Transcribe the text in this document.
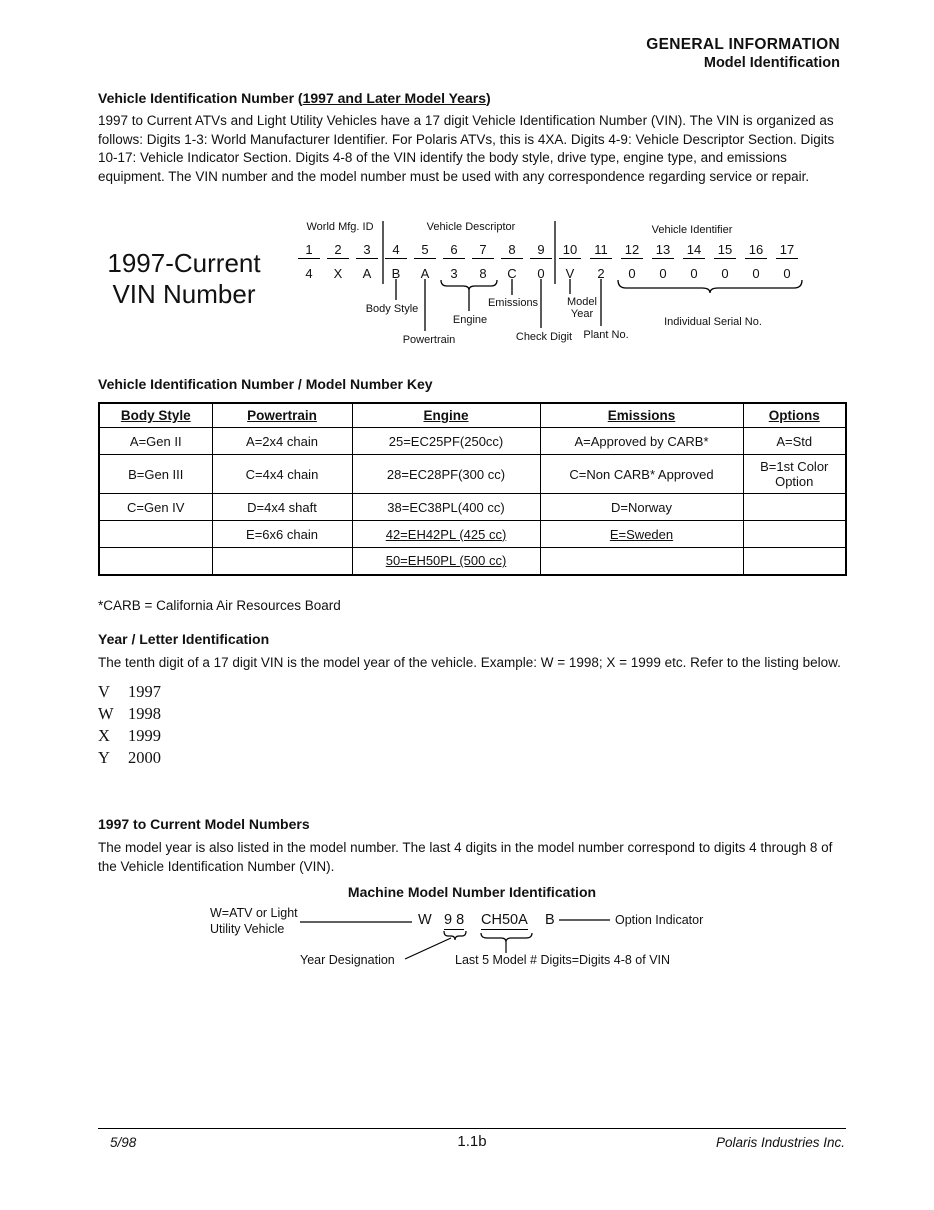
GENERAL INFORMATION
Model Identification
Vehicle Identification Number (1997 and Later Model Years)

1997 to Current ATVs and Light Utility Vehicles have a 17 digit Vehicle Identification Number (VIN). The VIN is organized as follows: Digits 1-3: World Manufacturer Identifier. For Polaris ATVs, this is 4XA. Digits 4-9: Vehicle Descriptor Section. Digits 10-17: Vehicle Indicator Section. Digits 4-8 of the VIN identify the body style, drive type, engine type, and emissions equipment. The VIN number and the model number must be used with any correspondence regarding service or repair.

1997-Current
VIN Number
World Mfg. ID	Vehicle Descriptor	Vehicle Identifier
Body Style
Engine
Emissions	Model Year
Powertrain	Check Digit Plant No.
Individual Serial No.
1	2	3	4	5	6	7	8	9	10	11	12 13 14 15 16 17
4	X	A	B	A	3	8	C	0	V	2	0	0	0	0	0	0
Vehicle Identification Number / Model Number Key
Body Style	Powertrain	Engine	Emissions	Options
A=Gen II	A=2x4 chain	25=EC25PF(250cc)	A=Approved by CARB*	A=Std
B=Gen III	C=4x4 chain	28=EC28PF(300 cc)	C=Non CARB* Approved	B=1st Color Option
C=Gen IV	D=4x4 shaft	38=EC38PL(400 cc)	D=Norway	
	E=6x6 chain	42=EH42PL (425 cc)	E=Sweden	
		50=EH50PL (500 cc)		
*CARB = California Air Resources Board
Year / Letter Identification

The tenth digit of a 17 digit VIN is the model year of the vehicle. Example: W = 1998; X = 1999 etc. Refer to the listing below.

V	1997
W 1998
X	1999
Y	2000
1997 to Current Model Numbers

The model year is also listed in the model number. The last 4 digits in the model number correspond to digits 4 through 8 of the Vehicle Identification Number (VIN).

Machine Model Number Identification
W=ATV or Light
Utility Vehicle
W 9 8 CH50A B	Option Indicator
Year Designation	Last 5 Model # Digits=Digits 4-8 of VIN
5/98	1.1b	Polaris Industries Inc.
